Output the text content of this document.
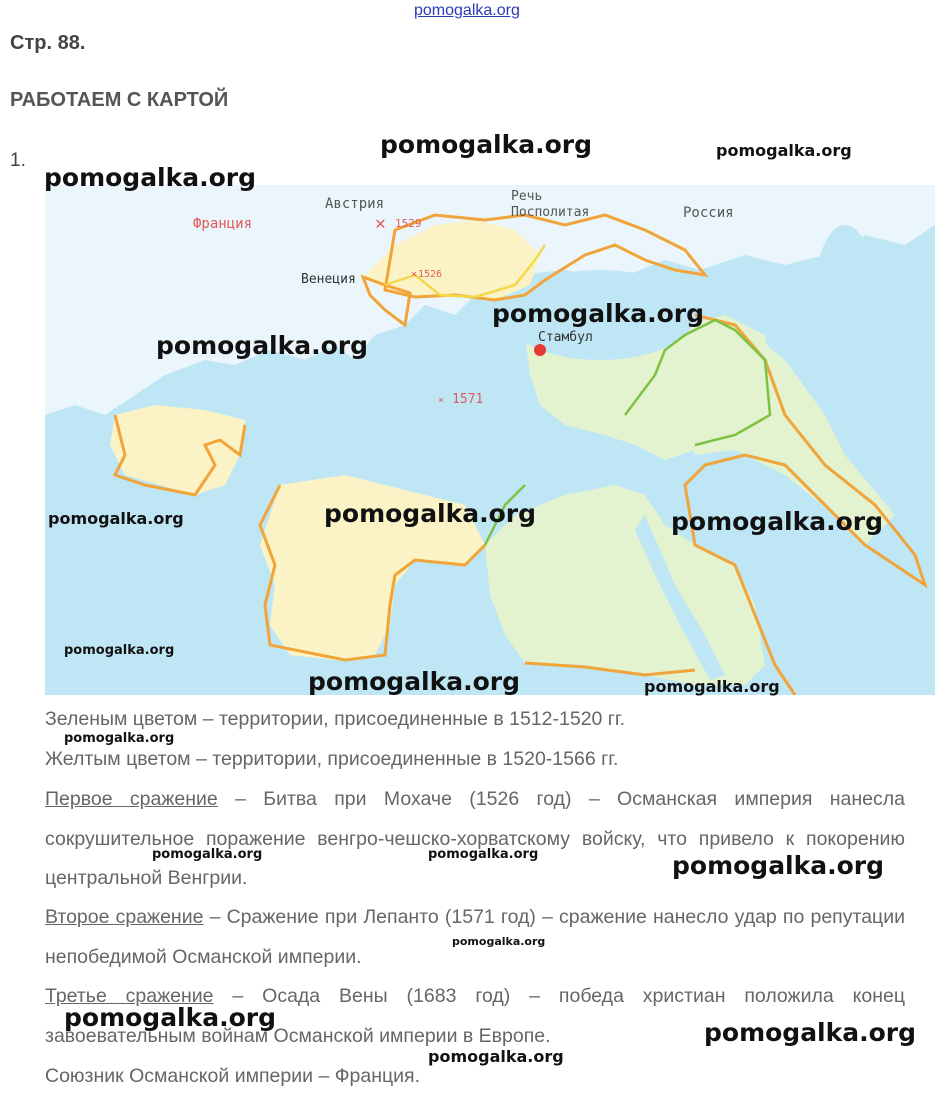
pomogalka.org
Стр. 88.
РАБОТАЕМ С КАРТОЙ
1.
✕
×
×
Франция
Австрия
1529
Речь
Посполитая	Россия
Венеция	1526
Стамбул
1571
Зеленым цветом – территории, присоединенные в 1512-1520 гг.
Желтым цветом – территории, присоединенные в 1520-1566 гг.
Первое сражение – Битва при Мохаче (1526 год) – Османская империя нанесла сокрушительное поражение венгро-чешско-хорватскому войску, что привело к покорению центральной Венгрии.
Второе сражение – Сражение при Лепанто (1571 год) – сражение нанесло удар по репутации непобедимой Османской империи.
Третье сражение – Осада Вены (1683 год) – победа христиан положила конец завоевательным войнам Османской империи в Европе.
Союзник Османской империи – Франция.
pomogalka.org	pomogalka.org
pomogalka.org
pomogalka.org
pomogalka.org
pomogalka.org
pomogalka.org	pomogalka.org
pomogalka.org
pomogalka.org	pomogalka.org
pomogalka.org
pomogalka.org	pomogalka.org	pomogalka.org
pomogalka.org
pomogalka.org
pomogalka.org
pomogalka.org
